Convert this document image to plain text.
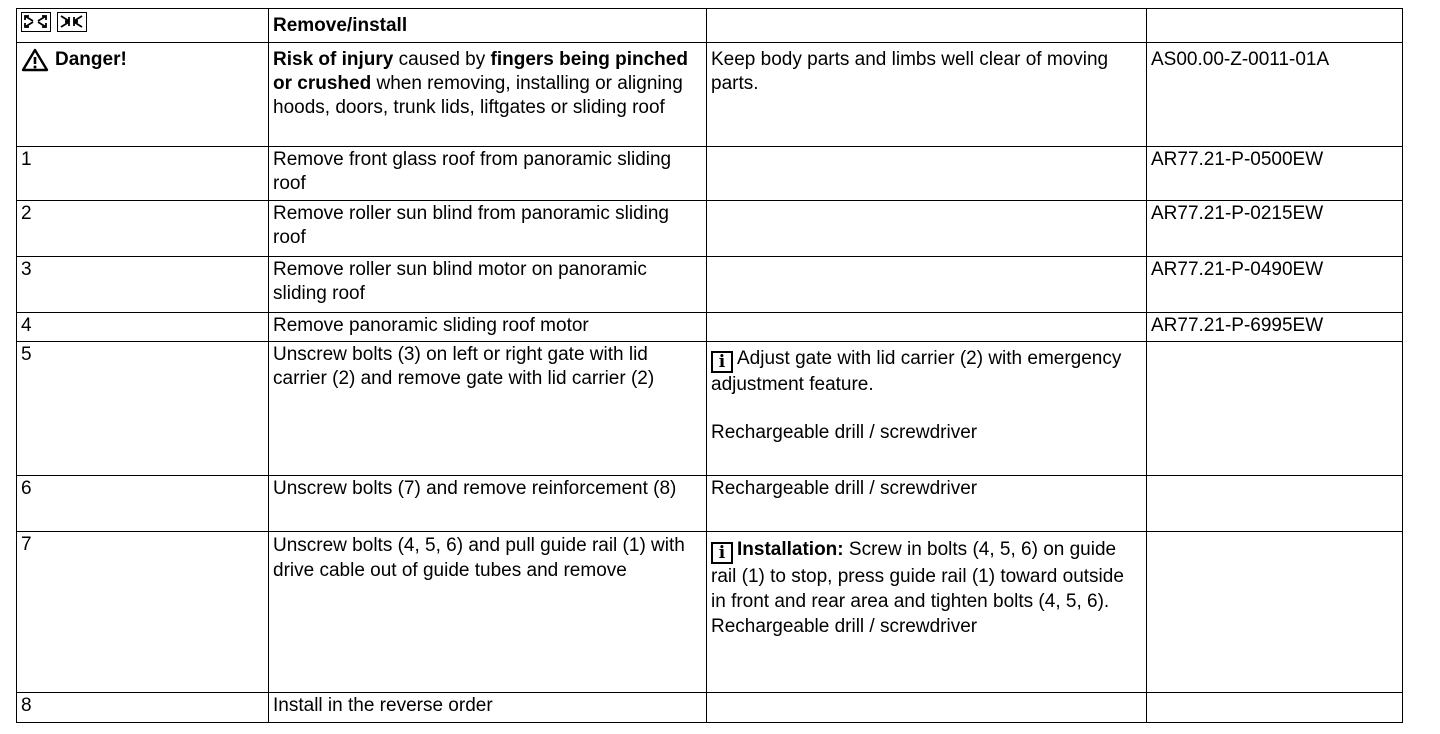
	Remove/install		

Danger!	Risk of injury caused by fingers being pinched or crushed when removing, installing or aligning hoods, doors, trunk lids, liftgates or sliding roof	Keep body parts and limbs well clear of moving parts.	AS00.00-Z-0011-01A
1	Remove front glass roof from panoramic sliding roof		AR77.21-P-0500EW
2	Remove roller sun blind from panoramic sliding roof		AR77.21-P-0215EW
3	Remove roller sun blind motor on panoramic sliding roof		AR77.21-P-0490EW
4	Remove panoramic sliding roof motor		AR77.21-P-6995EW
5	Unscrew bolts (3) on left or right gate with lid carrier (2) and remove gate with lid carrier (2)	i Adjust gate with lid carrier (2) with emergency adjustment feature.
Rechargeable drill / screwdriver	

6	Unscrew bolts (7) and remove reinforcement (8)	Rechargeable drill / screwdriver	
7	Unscrew bolts (4, 5, 6) and pull guide rail (1) with drive cable out of guide tubes and remove	i Installation: Screw in bolts (4, 5, 6) on guide rail (1) to stop, press guide rail (1) toward outside in front and rear area and tighten bolts (4, 5, 6).
Rechargeable drill / screwdriver	

8	Install in the reverse order		
